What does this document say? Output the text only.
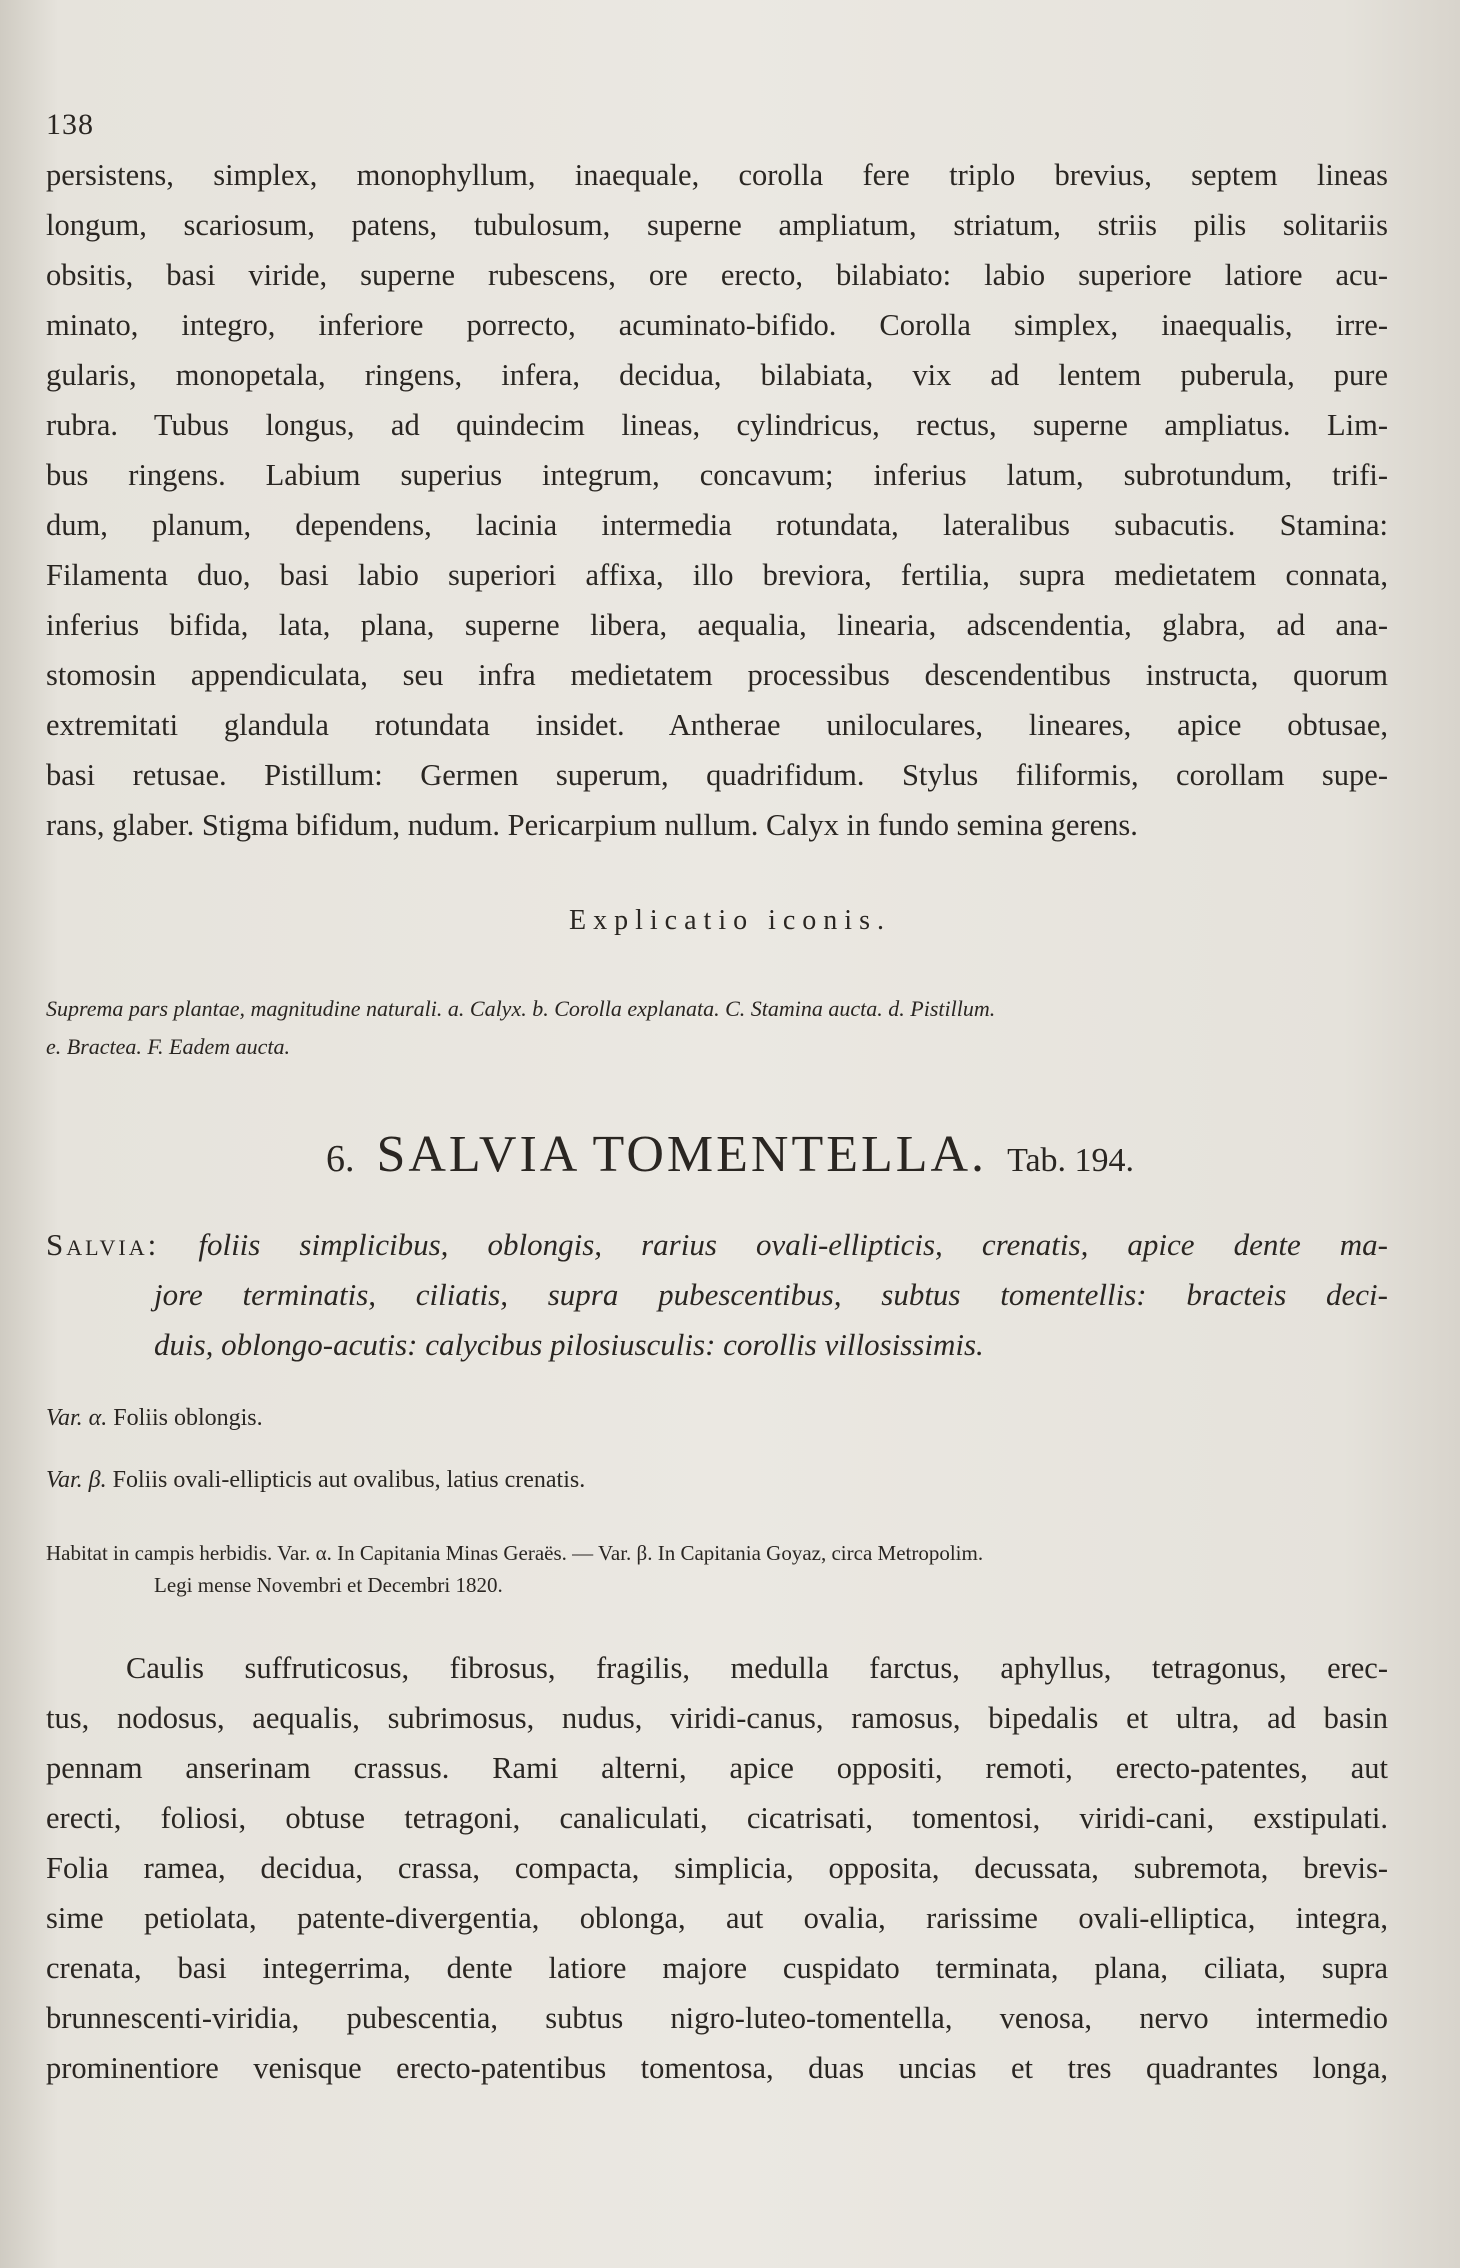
138
persistens, simplex, monophyllum, inaequale, corolla fere triplo brevius, septem lineas
longum, scariosum, patens, tubulosum, superne ampliatum, striatum, striis pilis solitariis
obsitis, basi viride, superne rubescens, ore erecto, bilabiato: labio superiore latiore acu-
minato, integro, inferiore porrecto, acuminato-bifido. Corolla simplex, inaequalis, irre-
gularis, monopetala, ringens, infera, decidua, bilabiata, vix ad lentem puberula, pure
rubra. Tubus longus, ad quindecim lineas, cylindricus, rectus, superne ampliatus. Lim-
bus ringens. Labium superius integrum, concavum; inferius latum, subrotundum, trifi-
dum, planum, dependens, lacinia intermedia rotundata, lateralibus subacutis. Stamina:
Filamenta duo, basi labio superiori affixa, illo breviora, fertilia, supra medietatem connata,
inferius bifida, lata, plana, superne libera, aequalia, linearia, adscendentia, glabra, ad ana-
stomosin appendiculata, seu infra medietatem processibus descendentibus instructa, quorum
extremitati glandula rotundata insidet. Antherae uniloculares, lineares, apice obtusae,
basi retusae. Pistillum: Germen superum, quadrifidum. Stylus filiformis, corollam supe-
rans, glaber. Stigma bifidum, nudum. Pericarpium nullum. Calyx in fundo semina gerens.
Explicatio iconis.
Suprema pars plantae, magnitudine naturali. a. Calyx. b. Corolla explanata. C. Stamina aucta. d. Pistillum.
e. Bractea. F. Eadem aucta.
6. SALVIA TOMENTELLA. Tab. 194.
Salvia: foliis simplicibus, oblongis, rarius ovali-ellipticis, crenatis, apice dente ma-
jore terminatis, ciliatis, supra pubescentibus, subtus tomentellis: bracteis deci-
duis, oblongo-acutis: calycibus pilosiusculis: corollis villosissimis.
Var. α. Foliis oblongis.
Var. β. Foliis ovali-ellipticis aut ovalibus, latius crenatis.
Habitat in campis herbidis. Var. α. In Capitania Minas Geraës. — Var. β. In Capitania Goyaz, circa Metropolim.
Legi mense Novembri et Decembri 1820.
Caulis suffruticosus, fibrosus, fragilis, medulla farctus, aphyllus, tetragonus, erec-
tus, nodosus, aequalis, subrimosus, nudus, viridi-canus, ramosus, bipedalis et ultra, ad basin
pennam anserinam crassus. Rami alterni, apice oppositi, remoti, erecto-patentes, aut
erecti, foliosi, obtuse tetragoni, canaliculati, cicatrisati, tomentosi, viridi-cani, exstipulati.
Folia ramea, decidua, crassa, compacta, simplicia, opposita, decussata, subremota, brevis-
sime petiolata, patente-divergentia, oblonga, aut ovalia, rarissime ovali-elliptica, integra,
crenata, basi integerrima, dente latiore majore cuspidato terminata, plana, ciliata, supra
brunnescenti-viridia, pubescentia, subtus nigro-luteo-tomentella, venosa, nervo intermedio
prominentiore venisque erecto-patentibus tomentosa, duas uncias et tres quadrantes longa,
